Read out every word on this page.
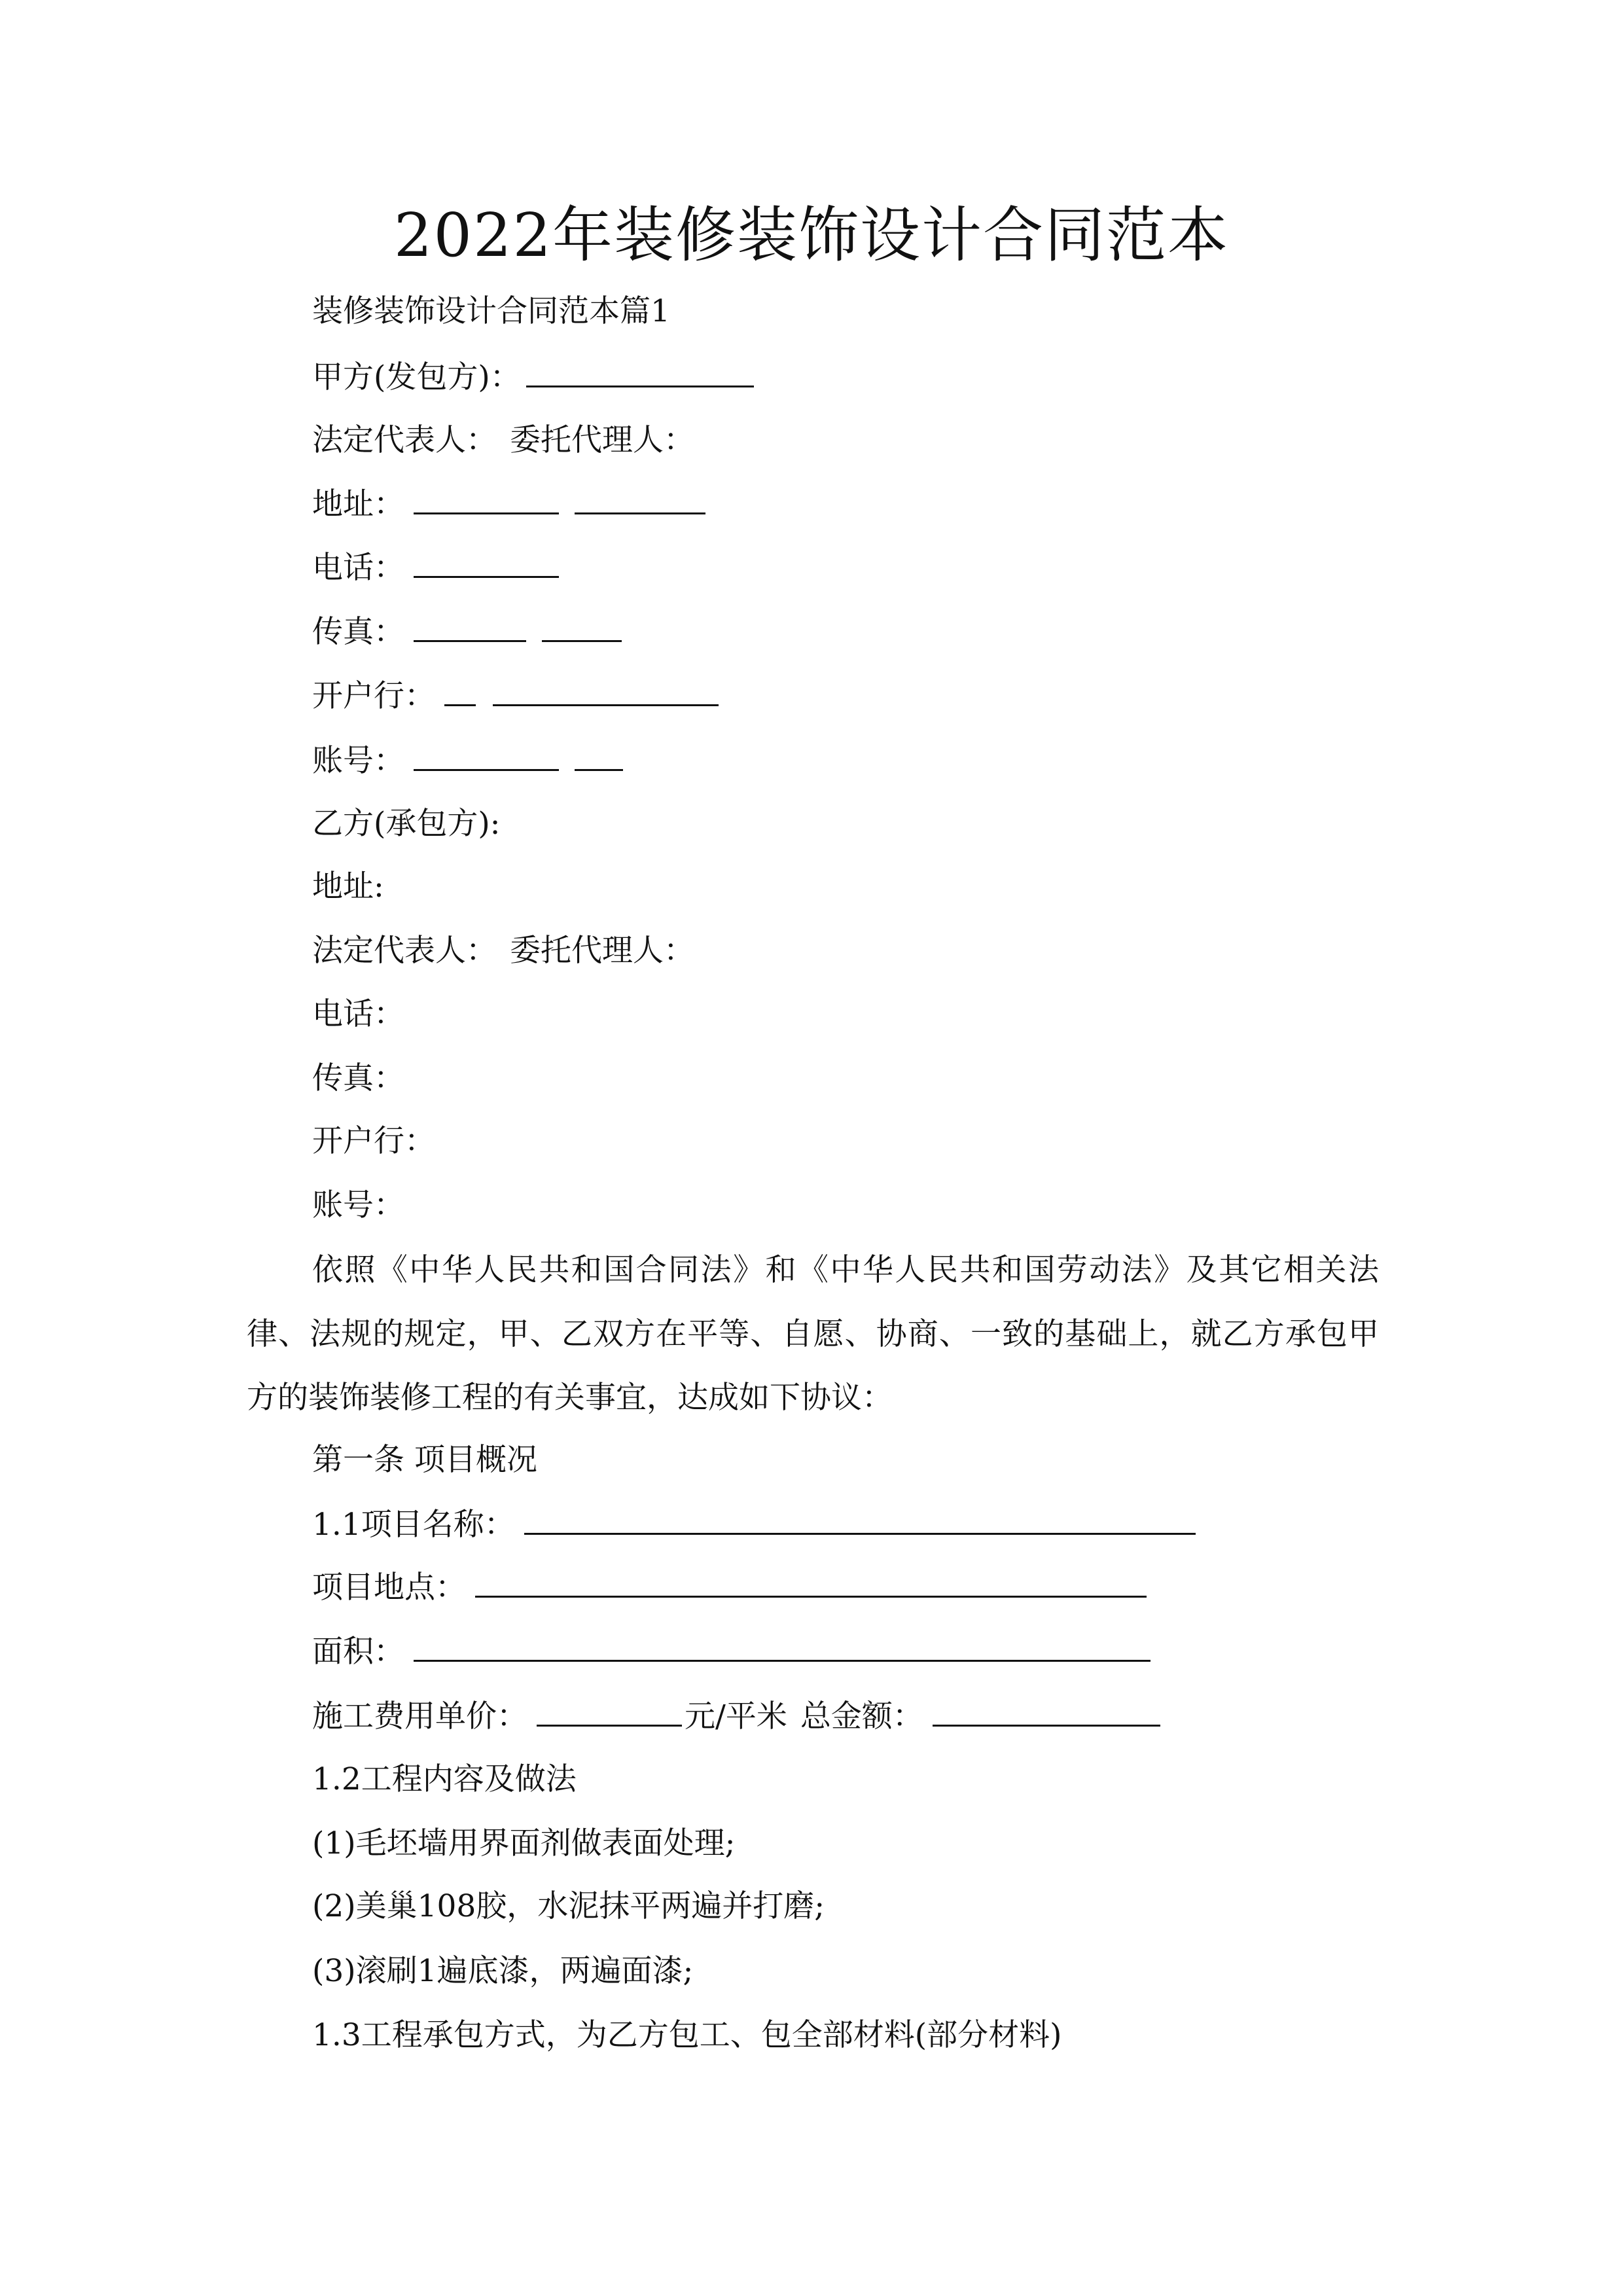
2022年装修装饰设计合同范本
装修装饰设计合同范本篇1
甲方(发包方)：
法定代表人： 委托代理人：
地址：
电话：
传真：
开户行：
账号：
乙方(承包方):
地址:
法定代表人： 委托代理人：
电话：
传真：
开户行：
账号：
依照《中华人民共和国合同法》和《中华人民共和国劳动法》及其它相关法律、法规的规定，甲、乙双方在平等、自愿、协商、一致的基础上，就乙方承包甲方的装饰装修工程的有关事宜，达成如下协议：
第一条 项目概况
1.1项目名称：
项目地点：
面积：
施工费用单价：	元/平米 总金额：
1.2工程内容及做法
(1)毛坯墙用界面剂做表面处理;
(2)美巢108胶，水泥抹平两遍并打磨;
(3)滚刷1遍底漆，两遍面漆;
1.3工程承包方式，为乙方包工、包全部材料(部分材料)
